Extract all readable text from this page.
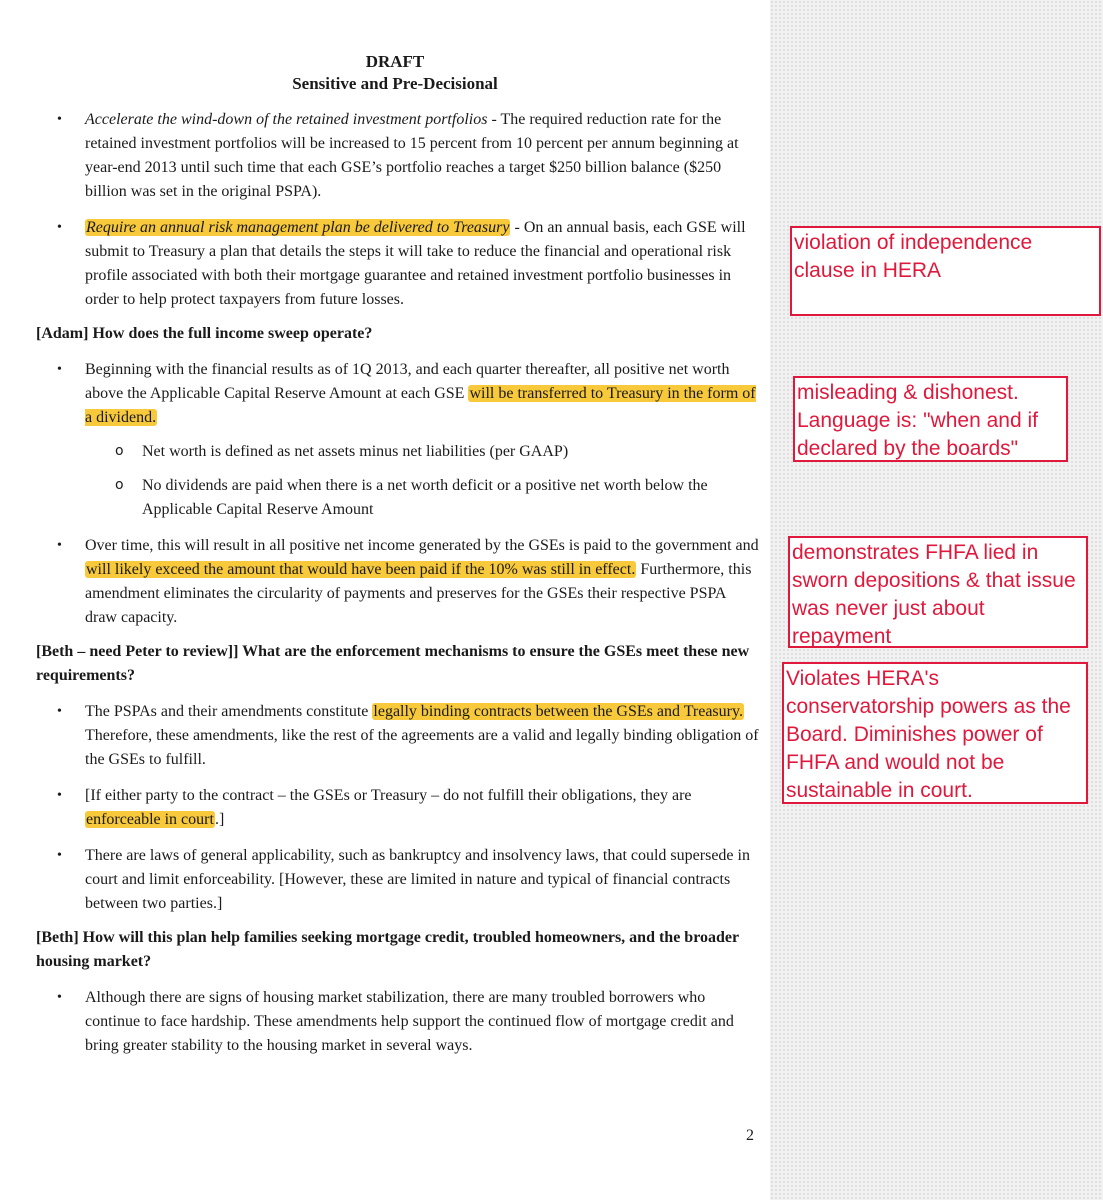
DRAFT
Sensitive and Pre-Decisional
• Accelerate the wind-down of the retained investment portfolios - The required reduction rate for the retained investment portfolios will be increased to 15 percent from 10 percent per annum beginning at year-end 2013 until such time that each GSE’s portfolio reaches a target $250 billion balance ($250 billion was set in the original PSPA).
• Require an annual risk management plan be delivered to Treasury - On an annual basis, each GSE will submit to Treasury a plan that details the steps it will take to reduce the financial and operational risk profile associated with both their mortgage guarantee and retained investment portfolio businesses in order to help protect taxpayers from future losses.
[Adam] How does the full income sweep operate?
• Beginning with the financial results as of 1Q 2013, and each quarter thereafter, all positive net worth above the Applicable Capital Reserve Amount at each GSE will be transferred to Treasury in the form of a dividend.
o Net worth is defined as net assets minus net liabilities (per GAAP)
o No dividends are paid when there is a net worth deficit or a positive net worth below the Applicable Capital Reserve Amount
• Over time, this will result in all positive net income generated by the GSEs is paid to the government and will likely exceed the amount that would have been paid if the 10% was still in effect. Furthermore, this amendment eliminates the circularity of payments and preserves for the GSEs their respective PSPA draw capacity.
[Beth – need Peter to review]] What are the enforcement mechanisms to ensure the GSEs meet these new requirements?
• The PSPAs and their amendments constitute legally binding contracts between the GSEs and Treasury. Therefore, these amendments, like the rest of the agreements are a valid and legally binding obligation of the GSEs to fulfill.
• [If either party to the contract – the GSEs or Treasury – do not fulfill their obligations, they are enforceable in court.]
• There are laws of general applicability, such as bankruptcy and insolvency laws, that could supersede in court and limit enforceability. [However, these are limited in nature and typical of financial contracts between two parties.]
[Beth] How will this plan help families seeking mortgage credit, troubled homeowners, and the broader housing market?
• Although there are signs of housing market stabilization, there are many troubled borrowers who continue to face hardship. These amendments help support the continued flow of mortgage credit and bring greater stability to the housing market in several ways.
2
violation of independence clause in HERA
misleading & dishonest. Language is: "when and if declared by the boards"
demonstrates FHFA lied in sworn depositions & that issue was never just about repayment
Violates HERA's conservatorship powers as the Board. Diminishes power of FHFA and would not be sustainable in court.
